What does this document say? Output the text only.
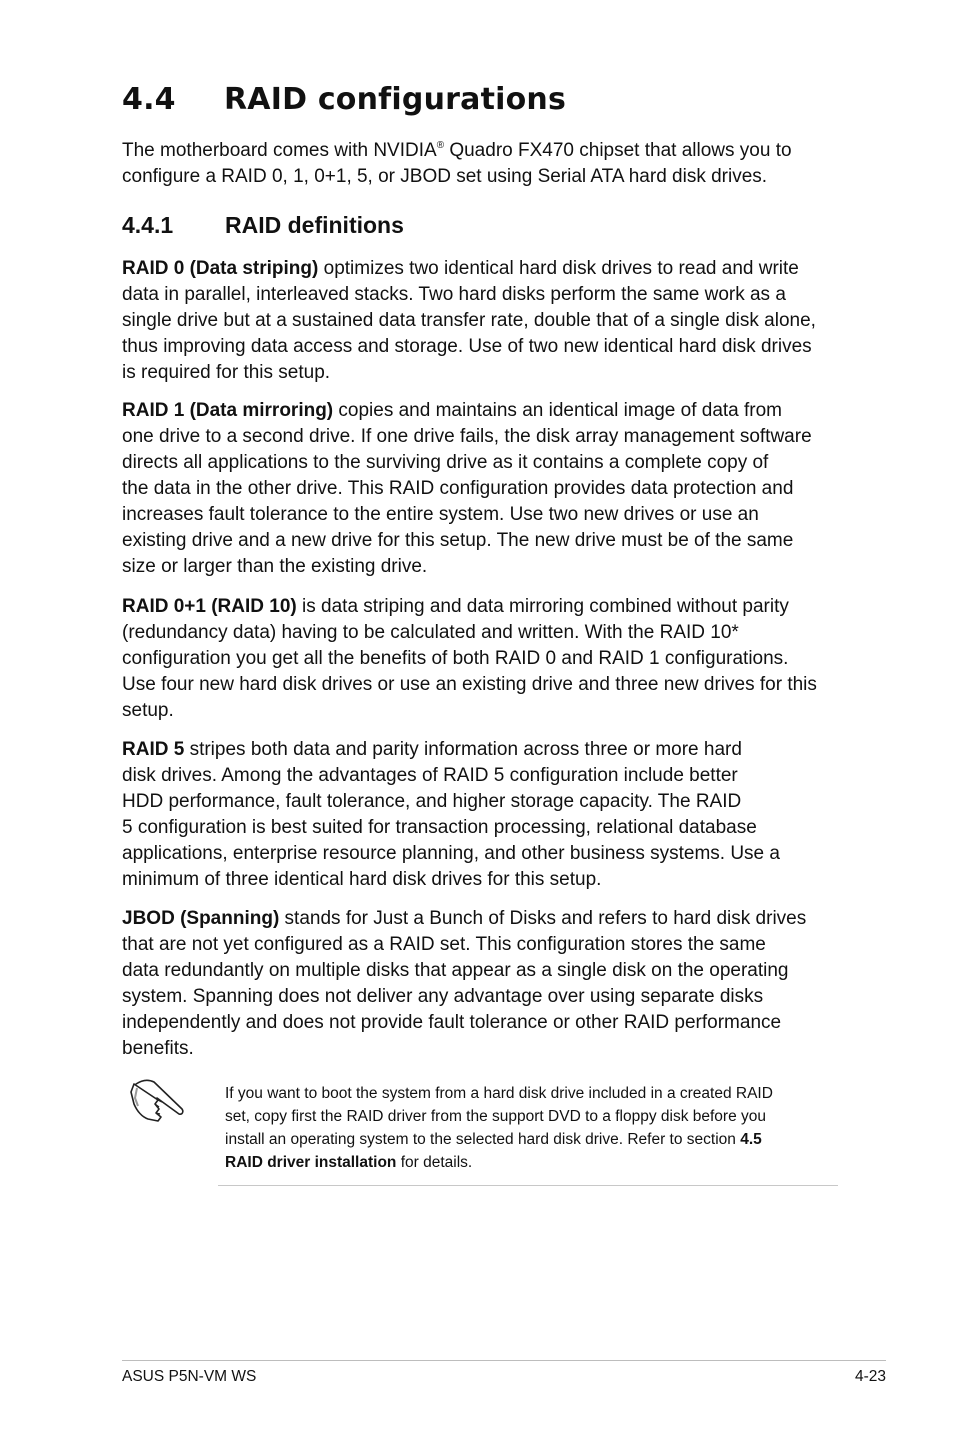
4.4 RAID configurations

The motherboard comes with NVIDIA® Quadro FX470 chipset that allows you to
configure a RAID 0, 1, 0+1, 5, or JBOD set using Serial ATA hard disk drives.

4.4.1 RAID definitions
RAID 0 (Data striping) optimizes two identical hard disk drives to read and write
data in parallel, interleaved stacks. Two hard disks perform the same work as a
single drive but at a sustained data transfer rate, double that of a single disk alone,
thus improving data access and storage. Use of two new identical hard disk drives
is required for this setup.
RAID 1 (Data mirroring) copies and maintains an identical image of data from
one drive to a second drive. If one drive fails, the disk array management software
directs all applications to the surviving drive as it contains a complete copy of
the data in the other drive. This RAID configuration provides data protection and
increases fault tolerance to the entire system. Use two new drives or use an
existing drive and a new drive for this setup. The new drive must be of the same
size or larger than the existing drive.
RAID 0+1 (RAID 10) is data striping and data mirroring combined without parity
(redundancy data) having to be calculated and written. With the RAID 10*
configuration you get all the benefits of both RAID 0 and RAID 1 configurations.
Use four new hard disk drives or use an existing drive and three new drives for this
setup.
RAID 5 stripes both data and parity information across three or more hard
disk drives. Among the advantages of RAID 5 configuration include better
HDD performance, fault tolerance, and higher storage capacity. The RAID
5 configuration is best suited for transaction processing, relational database
applications, enterprise resource planning, and other business systems. Use a
minimum of three identical hard disk drives for this setup.
JBOD (Spanning) stands for Just a Bunch of Disks and refers to hard disk drives
that are not yet configured as a RAID set. This configuration stores the same
data redundantly on multiple disks that appear as a single disk on the operating
system. Spanning does not deliver any advantage over using separate disks
independently and does not provide fault tolerance or other RAID performance
benefits.
If you want to boot the system from a hard disk drive included in a created RAID
set, copy first the RAID driver from the support DVD to a floppy disk before you
install an operating system to the selected hard disk drive. Refer to section 4.5
RAID driver installation for details.
ASUS P5N-VM WS	4-23
